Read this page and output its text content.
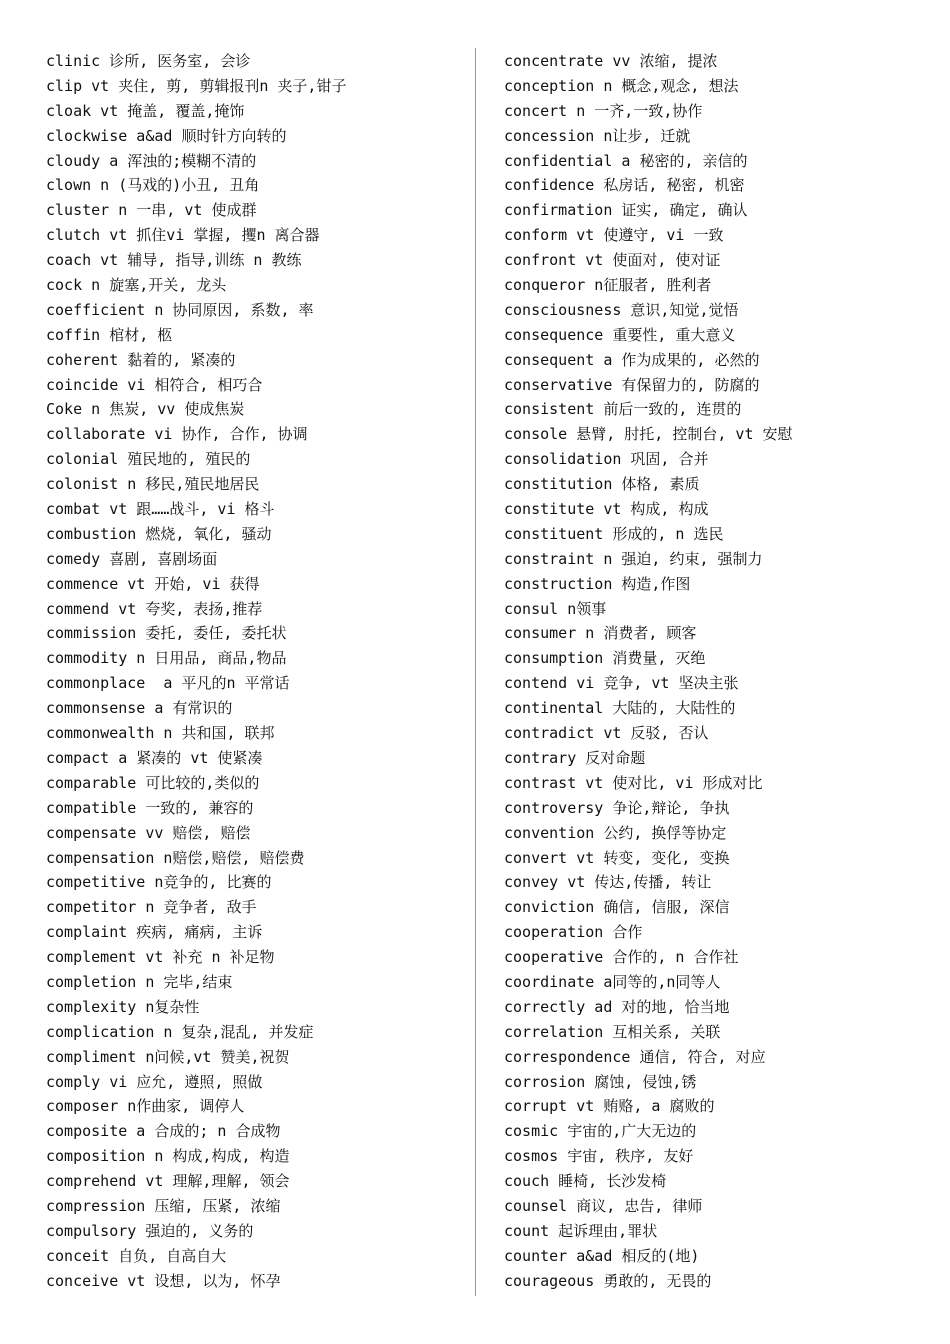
clinic 诊所, 医务室, 会诊
clip vt 夹住, 剪, 剪辑报刊n 夹子,钳子
cloak vt 掩盖, 覆盖,掩饰
clockwise a&ad 顺时针方向转的
cloudy a 浑浊的;模糊不清的
clown n (马戏的)小丑, 丑角
cluster n 一串, vt 使成群
clutch vt 抓住vi 掌握, 攫n 离合器
coach vt 辅导, 指导,训练 n 教练
cock n 旋塞,开关, 龙头
coefficient n 协同原因, 系数, 率
coffin 棺材, 柩
coherent 黏着的, 紧凑的
coincide vi 相符合, 相巧合
Coke n 焦炭, vv 使成焦炭
collaborate vi 协作, 合作, 协调
colonial 殖民地的, 殖民的
colonist n 移民,殖民地居民
combat vt 跟……战斗, vi 格斗
combustion 燃烧, 氧化, 骚动
comedy 喜剧, 喜剧场面
commence vt 开始, vi 获得
commend vt 夸奖, 表扬,推荐
commission 委托, 委任, 委托状
commodity n 日用品, 商品,物品
commonplace  a 平凡的n 平常话
commonsense a 有常识的
commonwealth n 共和国, 联邦
compact a 紧凑的 vt 使紧凑
comparable 可比较的,类似的
compatible 一致的, 兼容的
compensate vv 赔偿, 赔偿
compensation n赔偿,赔偿, 赔偿费
competitive n竞争的, 比赛的
competitor n 竞争者, 敌手
complaint 疾病, 痛病, 主诉
complement vt 补充 n 补足物
completion n 完毕,结束
complexity n复杂性
complication n 复杂,混乱, 并发症
compliment n问候,vt 赞美,祝贺
comply vi 应允, 遵照, 照做
composer n作曲家, 调停人
composite a 合成的; n 合成物
composition n 构成,构成, 构造
comprehend vt 理解,理解, 领会
compression 压缩, 压紧, 浓缩
compulsory 强迫的, 义务的
conceit 自负, 自高自大
conceive vt 设想, 以为, 怀孕
concentrate vv 浓缩, 提浓
conception n 概念,观念, 想法
concert n 一齐,一致,协作
concession n让步, 迁就
confidential a 秘密的, 亲信的
confidence 私房话, 秘密, 机密
confirmation 证实, 确定, 确认
conform vt 使遵守, vi 一致
confront vt 使面对, 使对证
conqueror n征服者, 胜利者
consciousness 意识,知觉,觉悟
consequence 重要性, 重大意义
consequent a 作为成果的, 必然的
conservative 有保留力的, 防腐的
consistent 前后一致的, 连贯的
console 悬臂, 肘托, 控制台, vt 安慰
consolidation 巩固, 合并
constitution 体格, 素质
constitute vt 构成, 构成
constituent 形成的, n 选民
constraint n 强迫, 约束, 强制力
construction 构造,作图
consul n领事
consumer n 消费者, 顾客
consumption 消费量, 灭绝
contend vi 竞争, vt 坚决主张
continental 大陆的, 大陆性的
contradict vt 反驳, 否认
contrary 反对命题
contrast vt 使对比, vi 形成对比
controversy 争论,辩论, 争执
convention 公约, 换俘等协定
convert vt 转变, 变化, 变换
convey vt 传达,传播, 转让
conviction 确信, 信服, 深信
cooperation 合作
cooperative 合作的, n 合作社
coordinate a同等的,n同等人
correctly ad 对的地, 恰当地
correlation 互相关系, 关联
correspondence 通信, 符合, 对应
corrosion 腐蚀, 侵蚀,锈
corrupt vt 贿赂, a 腐败的
cosmic 宇宙的,广大无边的
cosmos 宇宙, 秩序, 友好
couch 睡椅, 长沙发椅
counsel 商议, 忠告, 律师
count 起诉理由,罪状
counter a&ad 相反的(地)
courageous 勇敢的, 无畏的
